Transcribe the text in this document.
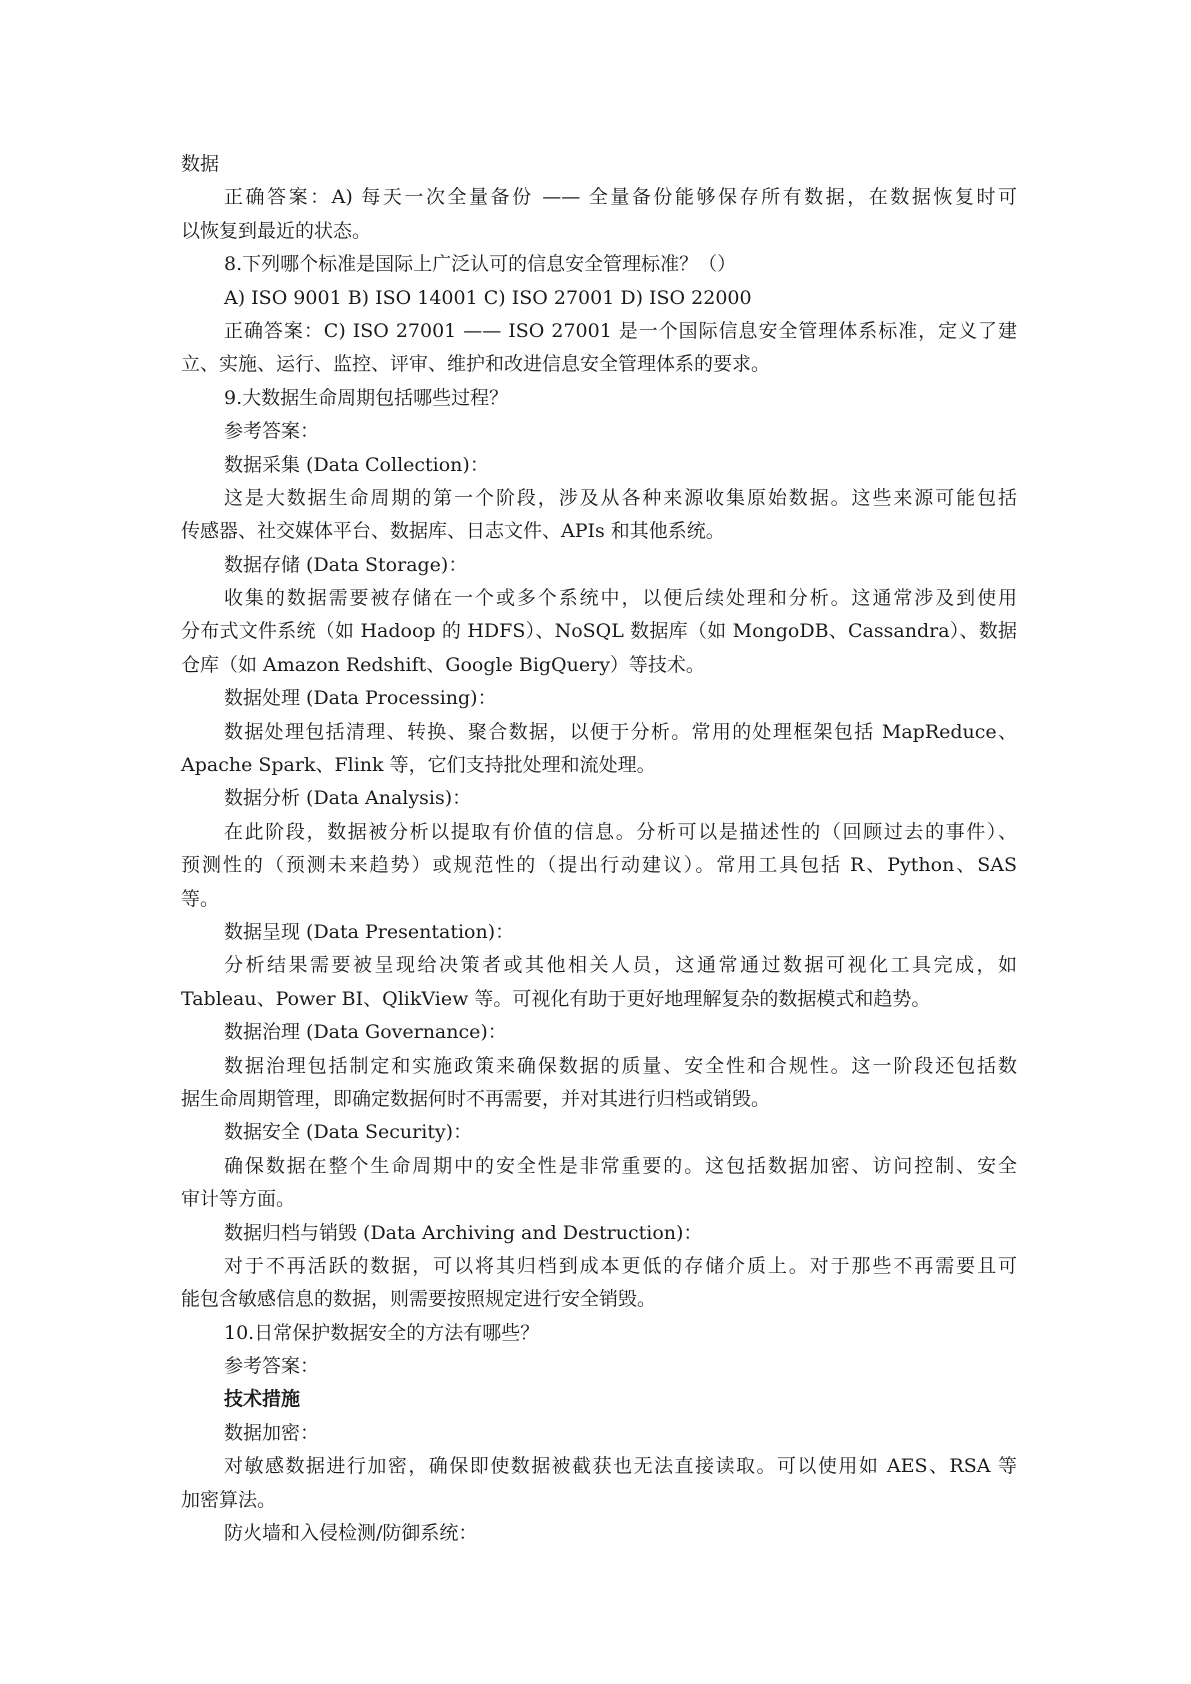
数据
正确答案：A) 每天一次全量备份 —— 全量备份能够保存所有数据，在数据恢复时可
以恢复到最近的状态。
8.下列哪个标准是国际上广泛认可的信息安全管理标准？（）
A) ISO 9001 B) ISO 14001 C) ISO 27001 D) ISO 22000
正确答案：C) ISO 27001 —— ISO 27001 是一个国际信息安全管理体系标准，定义了建
立、实施、运行、监控、评审、维护和改进信息安全管理体系的要求。
9.大数据生命周期包括哪些过程？
参考答案：
数据采集 (Data Collection)：
这是大数据生命周期的第一个阶段，涉及从各种来源收集原始数据。这些来源可能包括
传感器、社交媒体平台、数据库、日志文件、APIs 和其他系统。
数据存储 (Data Storage)：
收集的数据需要被存储在一个或多个系统中，以便后续处理和分析。这通常涉及到使用
分布式文件系统（如 Hadoop 的 HDFS）、NoSQL 数据库（如 MongoDB、Cassandra）、数据
仓库（如 Amazon Redshift、Google BigQuery）等技术。
数据处理 (Data Processing)：
数据处理包括清理、转换、聚合数据，以便于分析。常用的处理框架包括 MapReduce、
Apache Spark、Flink 等，它们支持批处理和流处理。
数据分析 (Data Analysis)：
在此阶段，数据被分析以提取有价值的信息。分析可以是描述性的（回顾过去的事件）、
预测性的（预测未来趋势）或规范性的（提出行动建议）。常用工具包括 R、Python、SAS
等。
数据呈现 (Data Presentation)：
分析结果需要被呈现给决策者或其他相关人员，这通常通过数据可视化工具完成，如
Tableau、Power BI、QlikView 等。可视化有助于更好地理解复杂的数据模式和趋势。
数据治理 (Data Governance)：
数据治理包括制定和实施政策来确保数据的质量、安全性和合规性。这一阶段还包括数
据生命周期管理，即确定数据何时不再需要，并对其进行归档或销毁。
数据安全 (Data Security)：
确保数据在整个生命周期中的安全性是非常重要的。这包括数据加密、访问控制、安全
审计等方面。
数据归档与销毁 (Data Archiving and Destruction)：
对于不再活跃的数据，可以将其归档到成本更低的存储介质上。对于那些不再需要且可
能包含敏感信息的数据，则需要按照规定进行安全销毁。
10.日常保护数据安全的方法有哪些？
参考答案：
技术措施
数据加密：
对敏感数据进行加密，确保即使数据被截获也无法直接读取。可以使用如 AES、RSA 等
加密算法。
防火墙和入侵检测/防御系统：
